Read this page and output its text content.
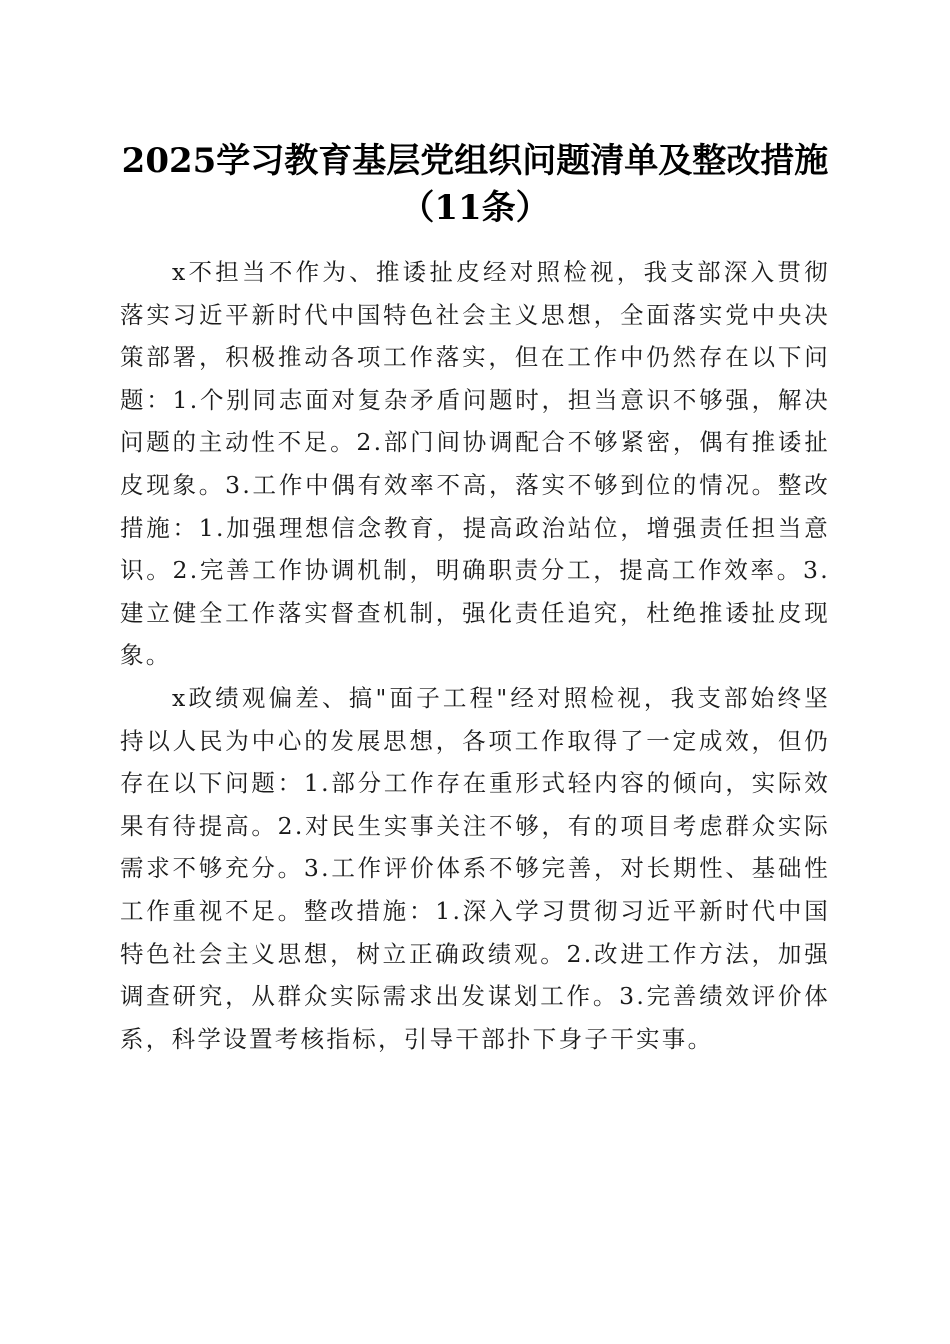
2025学习教育基层党组织问题清单及整改措施（11条）

x不担当不作为、推诿扯皮经对照检视，我支部深入贯彻落实习近平新时代中国特色社会主义思想，全面落实党中央决策部署，积极推动各项工作落实，但在工作中仍然存在以下问题：1.个别同志面对复杂矛盾问题时，担当意识不够强，解决问题的主动性不足。2.部门间协调配合不够紧密，偶有推诿扯皮现象。3.工作中偶有效率不高，落实不够到位的情况。整改措施：1.加强理想信念教育，提高政治站位，增强责任担当意识。2.完善工作协调机制，明确职责分工，提高工作效率。3.建立健全工作落实督查机制，强化责任追究，杜绝推诿扯皮现象。

x政绩观偏差、搞"面子工程"经对照检视，我支部始终坚持以人民为中心的发展思想，各项工作取得了一定成效，但仍存在以下问题：1.部分工作存在重形式轻内容的倾向，实际效果有待提高。2.对民生实事关注不够，有的项目考虑群众实际需求不够充分。3.工作评价体系不够完善，对长期性、基础性工作重视不足。整改措施：1.深入学习贯彻习近平新时代中国特色社会主义思想，树立正确政绩观。2.改进工作方法，加强调查研究，从群众实际需求出发谋划工作。3.完善绩效评价体系，科学设置考核指标，引导干部扑下身子干实事。
